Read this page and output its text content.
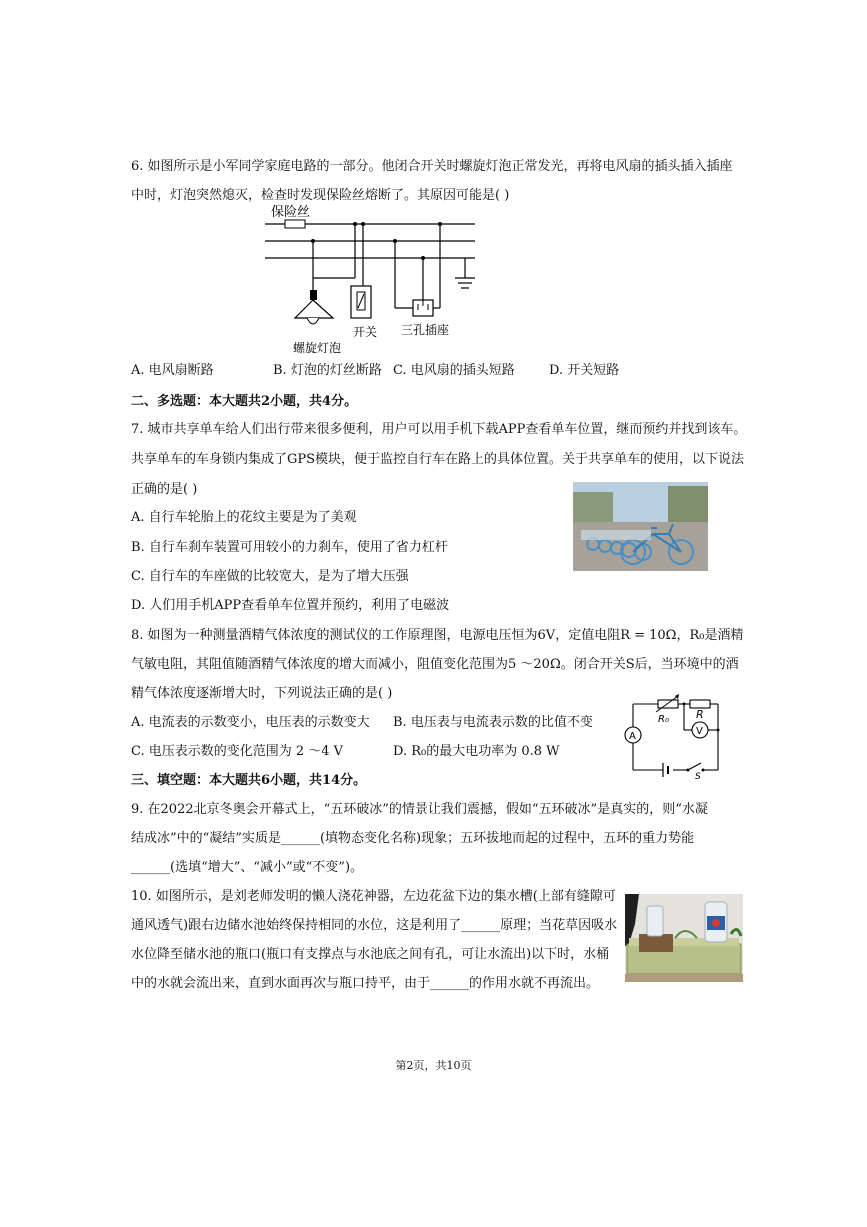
6. 如图所示是小军同学家庭电路的一部分。他闭合开关时螺旋灯泡正常发光，再将电风扇的插头插入插座
中时，灯泡突然熄灭，检查时发现保险丝熔断了。其原因可能是( )
保险丝
螺旋灯泡
开关 三孔插座
A. 电风扇断路	B. 灯泡的灯丝断路 C. 电风扇的插头短路	D. 开关短路
二、多选题：本大题共2小题，共4分。
7. 城市共享单车给人们出行带来很多便利，用户可以用手机下载APP查看单车位置，继而预约并找到该车。
共享单车的车身锁内集成了GPS模块，便于监控自行车在路上的具体位置。关于共享单车的使用，以下说法
正确的是( )
A. 自行车轮胎上的花纹主要是为了美观
B. 自行车刹车装置可用较小的力刹车，使用了省力杠杆
C. 自行车的车座做的比较宽大，是为了增大压强
D. 人们用手机APP查看单车位置并预约，利用了电磁波
8. 如图为一种测量酒精气体浓度的测试仪的工作原理图，电源电压恒为6V，定值电阻R = 10Ω，R₀是酒精
气敏电阻，其阻值随酒精气体浓度的增大而减小，阻值变化范围为5 ～20Ω。闭合开关S后，当环境中的酒
精气体浓度逐渐增大时，下列说法正确的是( )
S
A
R₀ R
V
A. 电流表的示数变小，电压表的示数变大 B. 电压表与电流表示数的比值不变
C. 电压表示数的变化范围为 2 ～4 V	D. R₀的最大电功率为 0.8 W
三、填空题：本大题共6小题，共14分。
9. 在2022北京冬奥会开幕式上，“五环破冰”的情景让我们震撼，假如“五环破冰”是真实的，则“水凝
结成冰”中的“凝结”实质是______(填物态变化名称)现象；五环拔地而起的过程中，五环的重力势能
______(选填“增大”、“减小”或“不变”)。
10. 如图所示，是刘老师发明的懒人浇花神器，左边花盆下边的集水槽(上部有缝隙可
通风透气)跟右边储水池始终保持相同的水位，这是利用了______原理；当花草因吸水
水位降至储水池的瓶口(瓶口有支撑点与水池底之间有孔，可让水流出)以下时，水桶
中的水就会流出来，直到水面再次与瓶口持平，由于______的作用水就不再流出。
第2页，共10页
